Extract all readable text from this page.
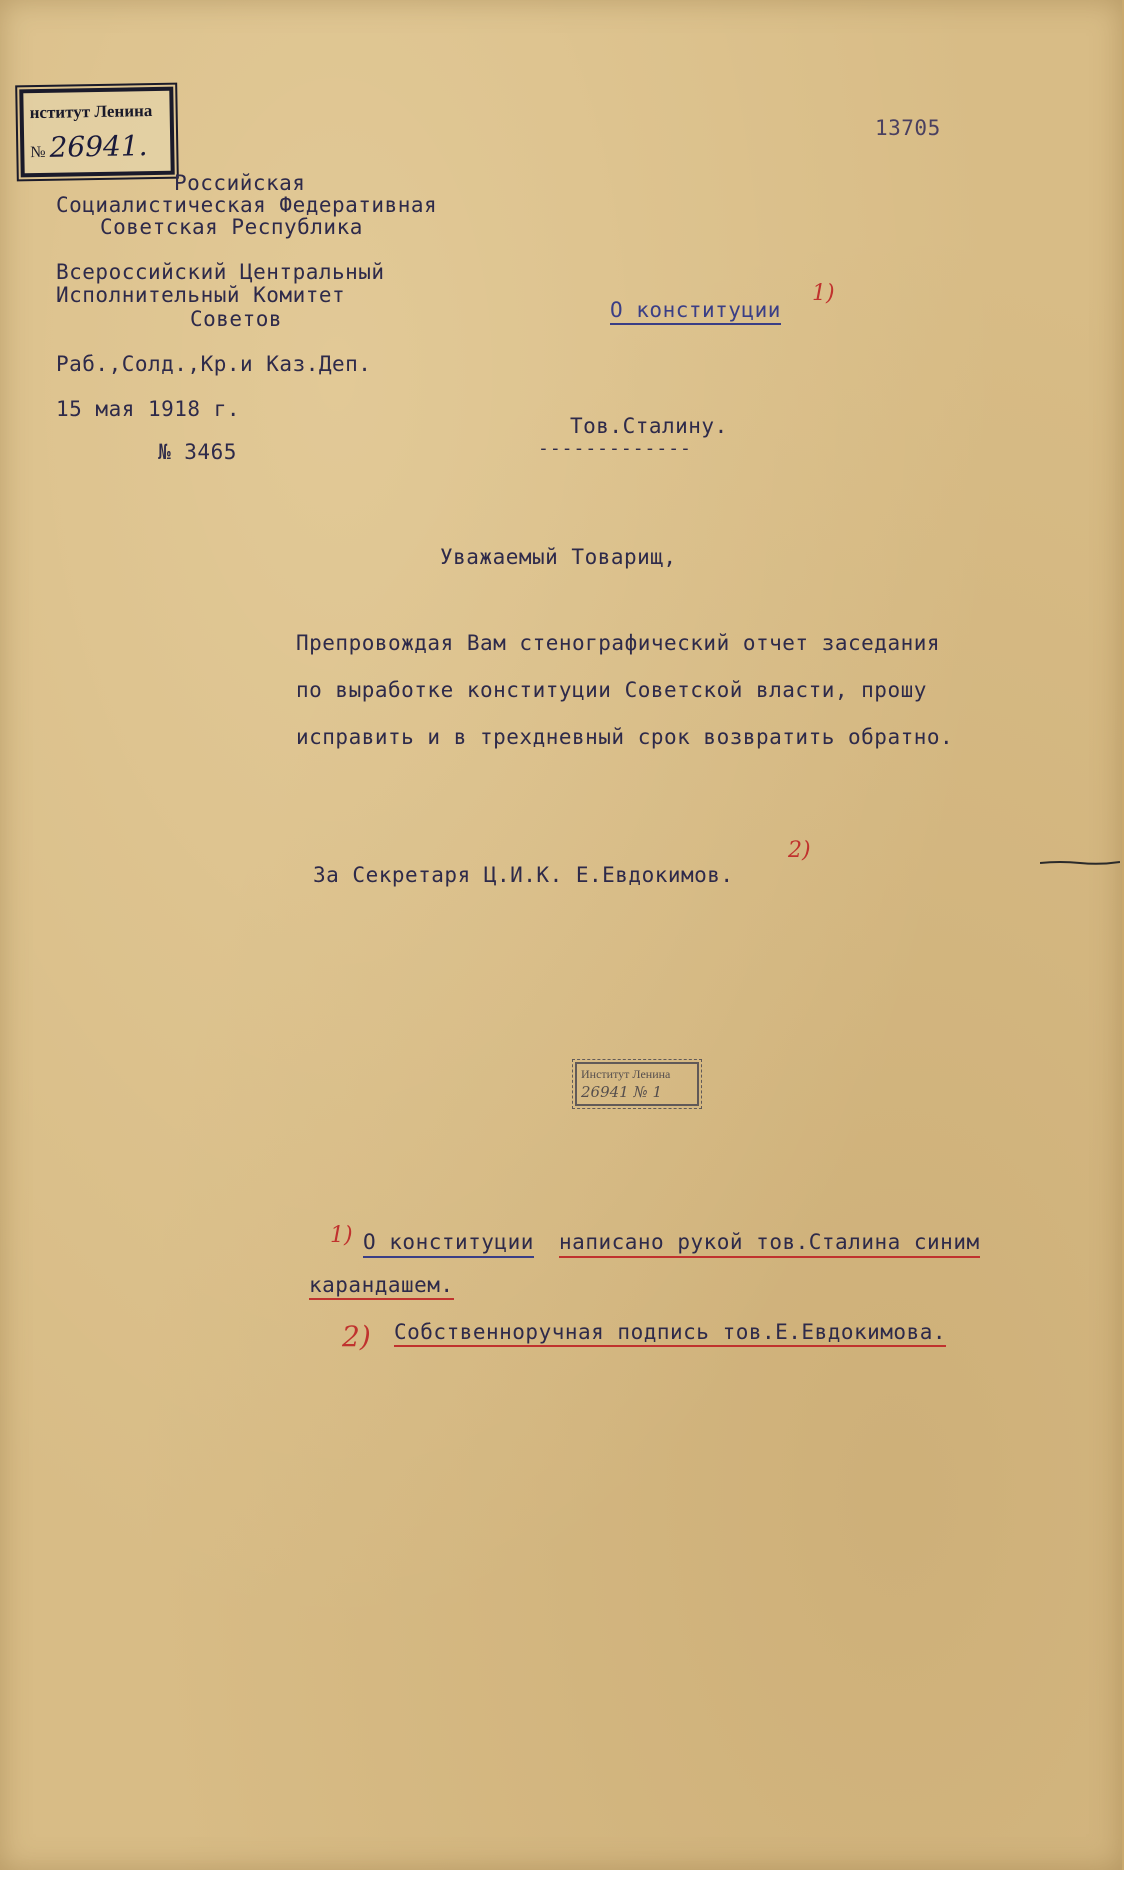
13705
нститут Ленина
№ 26941.
Российская
Социалистическая Федеративная
Советская Республика
Всероссийский Центральный
Исполнительный Комитет
Советов
Раб.,Солд.,Кр.и Каз.Деп.
15 мая 1918 г.
№ 3465
О конституции
1)
Тов.Сталину.
-------------
Уважаемый Товарищ,
Препровождая Вам стенографический отчет заседания
по выработке конституции Советской власти, прошу
исправить и в трехдневный срок возвратить обратно.
За Секретаря Ц.И.К. Е.Евдокимов.
2)
Институт Ленина
26941 № 1
1) О конституции написано рукой тов.Сталина синим
карандашем.
2) Собственноручная подпись тов.Е.Евдокимова.
